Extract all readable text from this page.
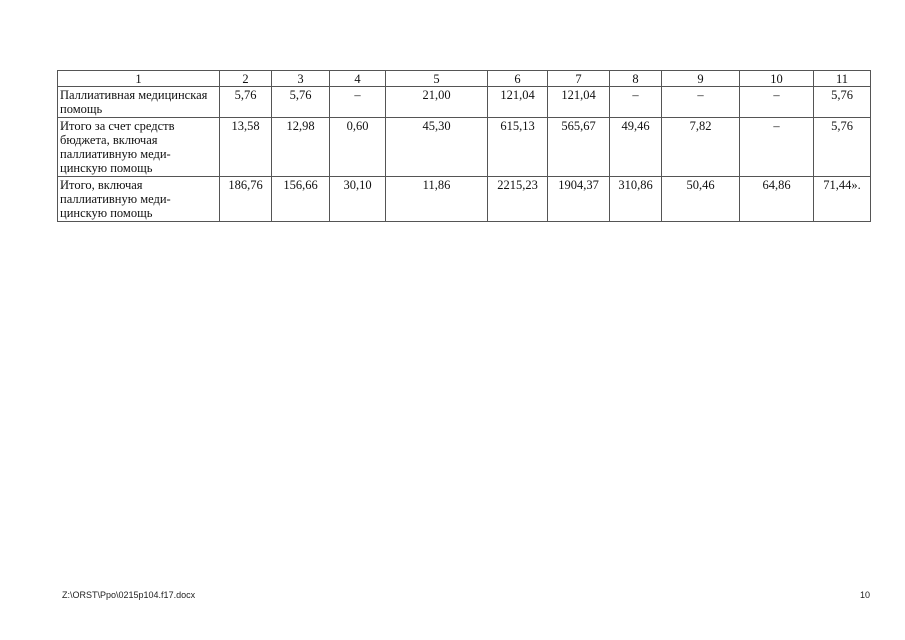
1	2	3	4	5	6	7	8	9	10	11
Паллиативная медицинская помощь	5,76	5,76	–	21,00	121,04	121,04	–	–	–	5,76
Итого за счет средств бюджета, включая паллиативную меди-цинскую помощь	13,58	12,98	0,60	45,30	615,13	565,67	49,46	7,82	–	5,76
Итого, включая паллиативную меди-цинскую помощь	186,76	156,66	30,10	11,86	2215,23	1904,37	310,86	50,46	64,86	71,44».
Z:\ORST\Ppo\0215p104.f17.docx	10
